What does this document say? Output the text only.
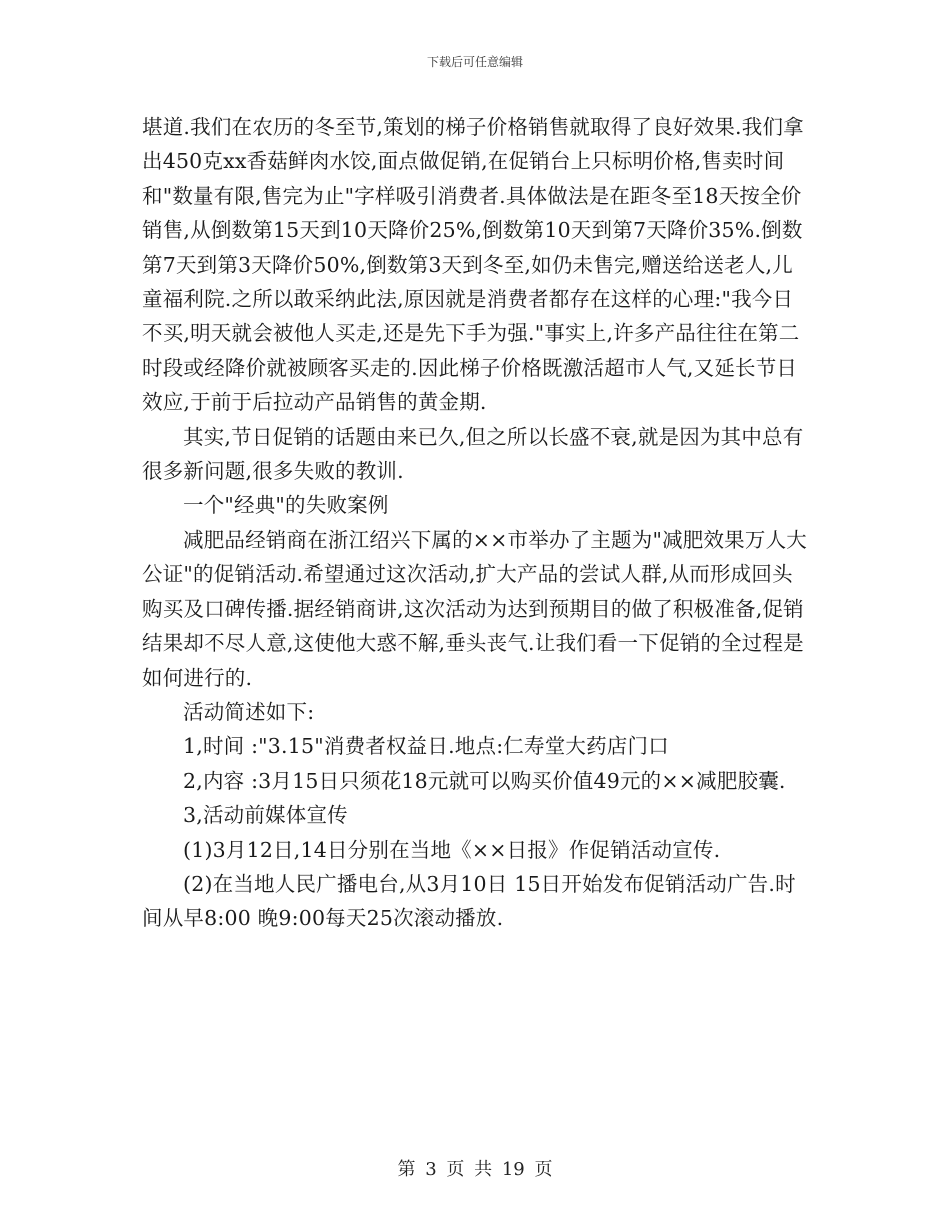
下载后可任意编辑

堪道.我们在农历的冬至节,策划的梯子价格销售就取得了良好效果.我们拿出450克xx香菇鲜肉水饺,面点做促销,在促销台上只标明价格,售卖时间和"数量有限,售完为止"字样吸引消费者.具体做法是在距冬至18天按全价销售,从倒数第15天到10天降价25%,倒数第10天到第7天降价35%.倒数第7天到第3天降价50%,倒数第3天到冬至,如仍未售完,赠送给送老人,儿童福利院.之所以敢采纳此法,原因就是消费者都存在这样的心理:"我今日不买,明天就会被他人买走,还是先下手为强."事实上,许多产品往往在第二时段或经降价就被顾客买走的.因此梯子价格既激活超市人气,又延长节日效应,于前于后拉动产品销售的黄金期.

其实,节日促销的话题由来已久,但之所以长盛不衰,就是因为其中总有很多新问题,很多失败的教训.

一个"经典"的失败案例

减肥品经销商在浙江绍兴下属的××市举办了主题为"减肥效果万人大公证"的促销活动.希望通过这次活动,扩大产品的尝试人群,从而形成回头购买及口碑传播.据经销商讲,这次活动为达到预期目的做了积极准备,促销结果却不尽人意,这使他大惑不解,垂头丧气.让我们看一下促销的全过程是如何进行的.

活动简述如下:

1,时间 :"3.15"消费者权益日.地点:仁寿堂大药店门口

2,内容 :3月15日只须花18元就可以购买价值49元的××减肥胶囊.

3,活动前媒体宣传

(1)3月12日,14日分别在当地《××日报》作促销活动宣传.

(2)在当地人民广播电台,从3月10日 15日开始发布促销活动广告.时间从早8:00 晚9:00每天25次滚动播放.

第 3 页 共 19 页
